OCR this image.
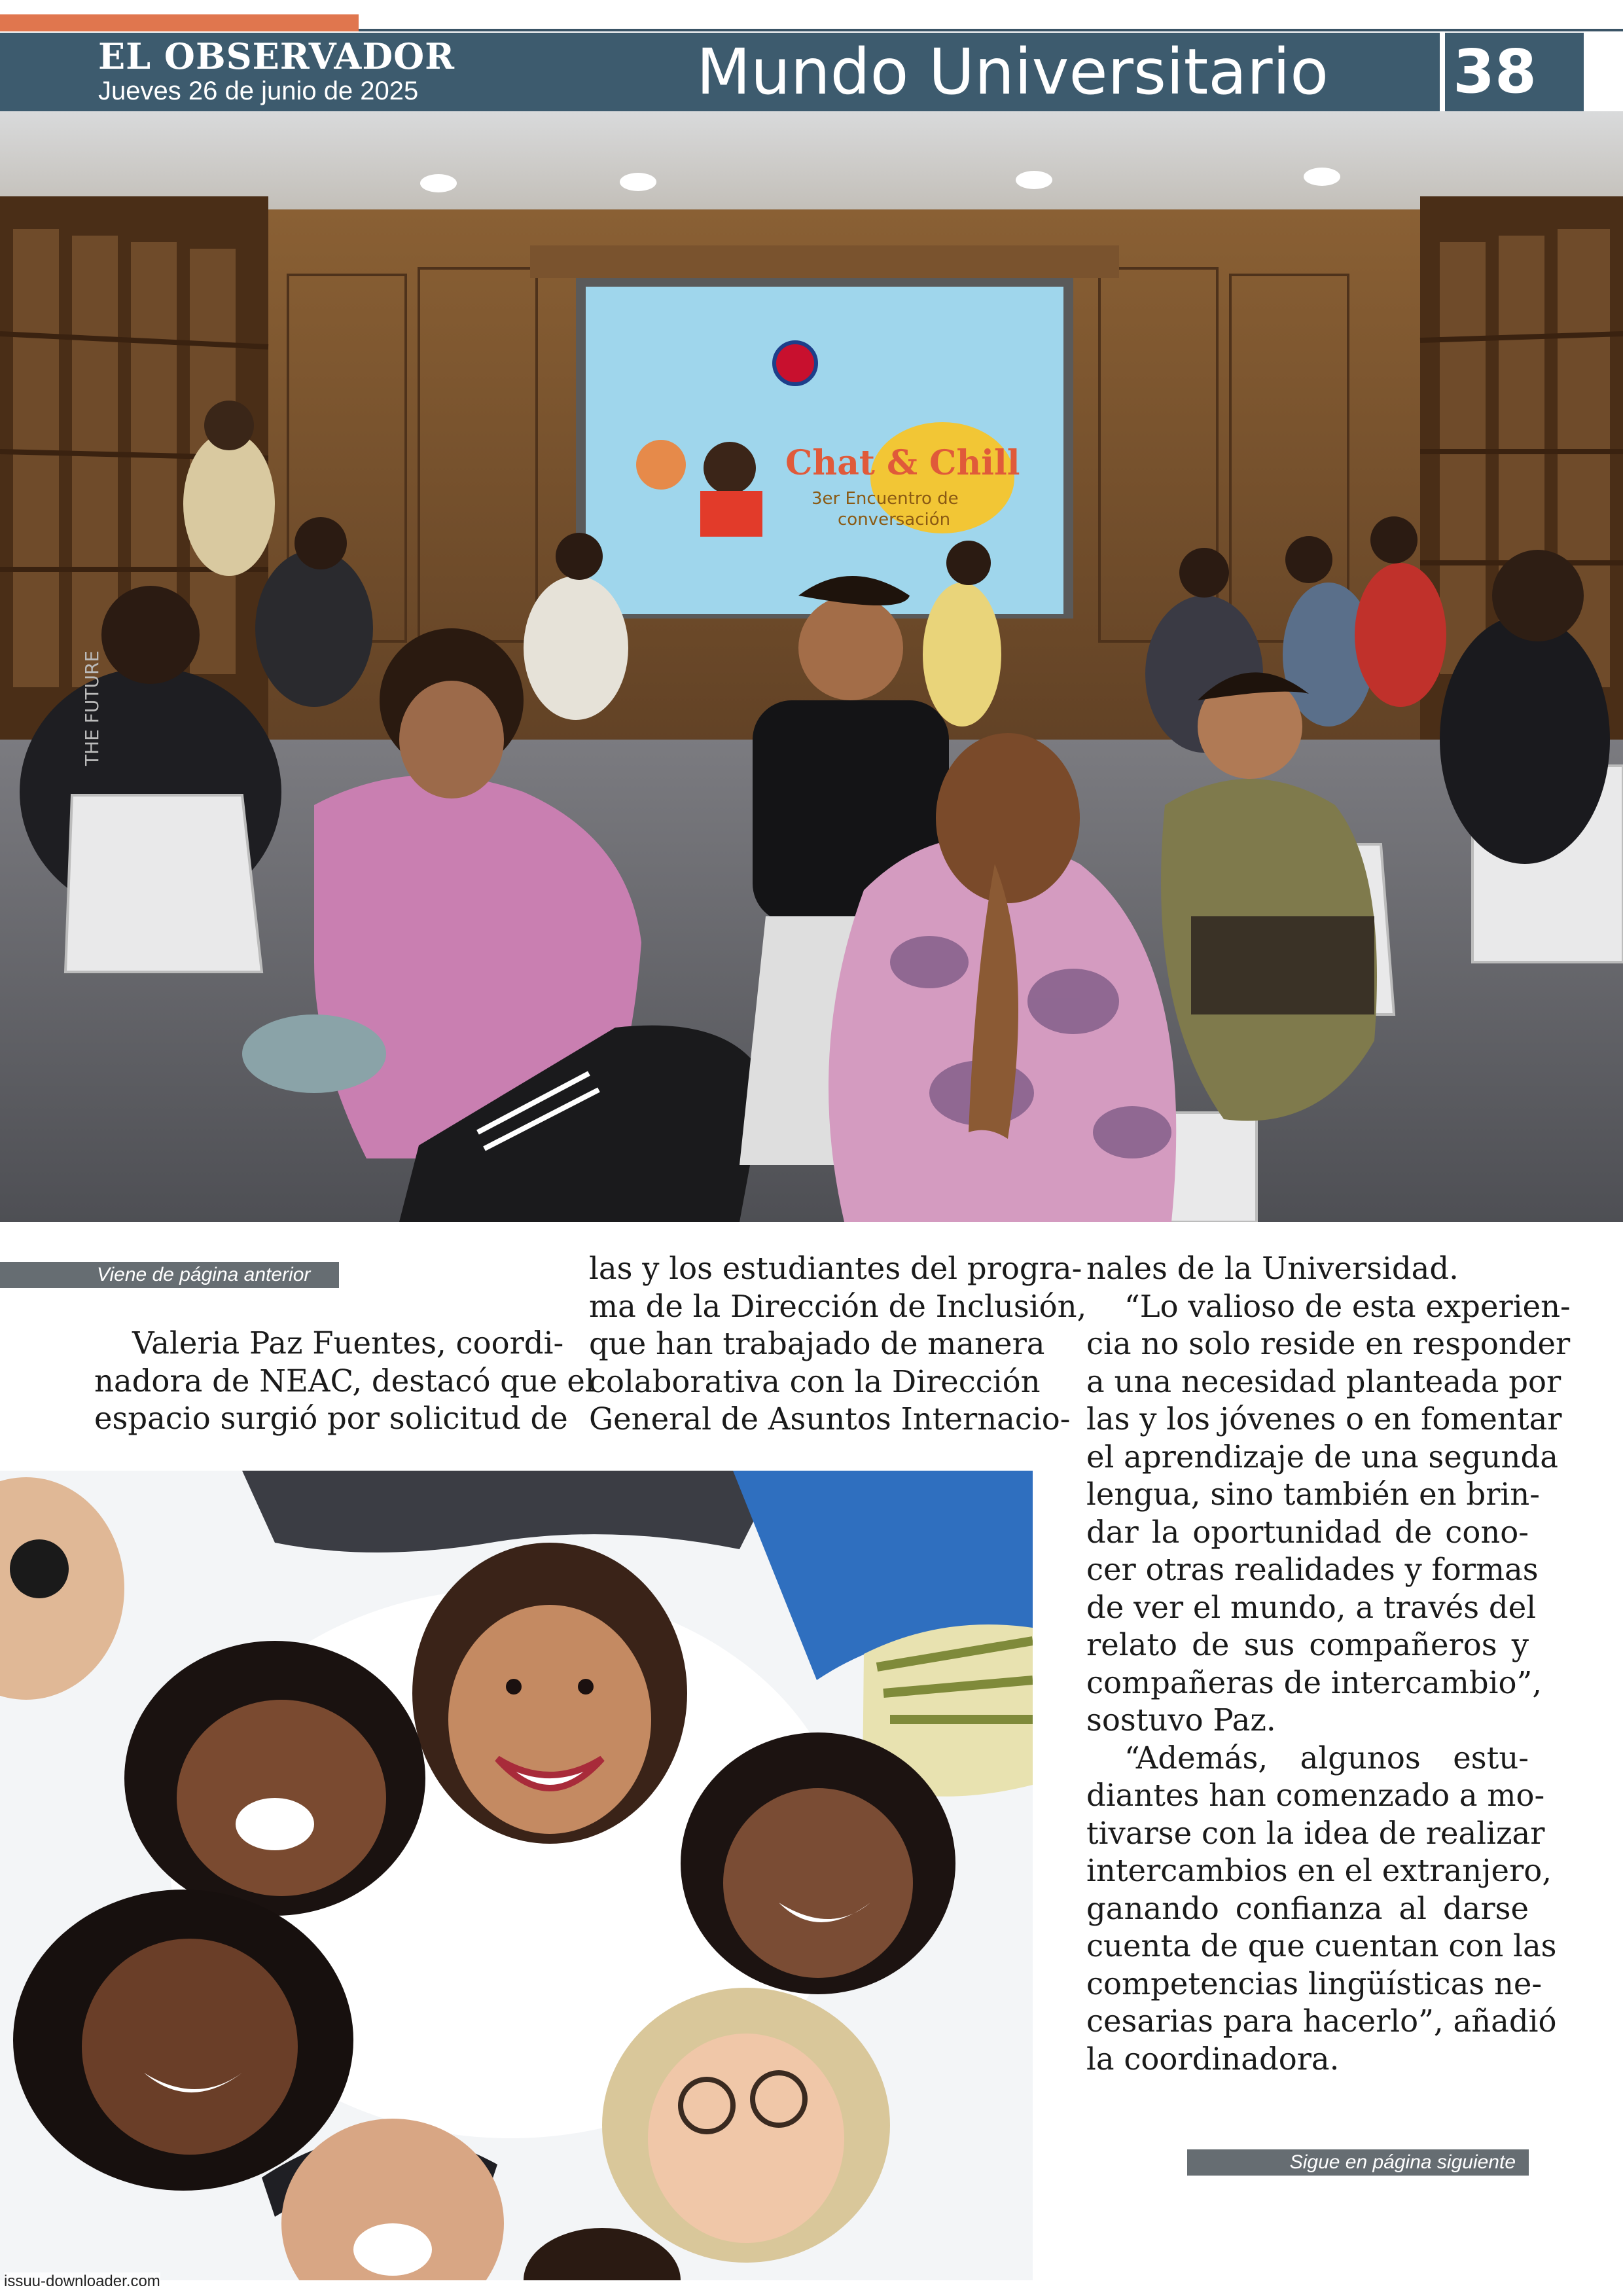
EL OBSERVADOR
Jueves 26 de junio de 2025	Mundo Universitario 38
Chat & Chill
3er Encuentro de
conversación
THE FUTURE
Viene de página anterior
Valeria Paz Fuentes, coordi-
nadora de NEAC, destacó que el
espacio surgió por solicitud de
las y los estudiantes del progra-
ma de la Dirección de Inclusión,
que han trabajado de manera
colaborativa con la Dirección
General de Asuntos Internacio-
nales de la Universidad.
“Lo valioso de esta experien-
cia no solo reside en responder
a una necesidad planteada por
las y los jóvenes o en fomentar
el aprendizaje de una segunda
lengua, sino también en brin-
dar la oportunidad de cono-
cer otras realidades y formas
de ver el mundo, a través del
relato de sus compañeros y
compañeras de intercambio”,
sostuvo Paz.
“Además, algunos estu-
diantes han comenzado a mo-
tivarse con la idea de realizar
intercambios en el extranjero,
ganando confianza al darse
cuenta de que cuentan con las
competencias lingüísticas ne-
cesarias para hacerlo”, añadió
la coordinadora.
Sigue en página siguiente
issuu-downloader.com
